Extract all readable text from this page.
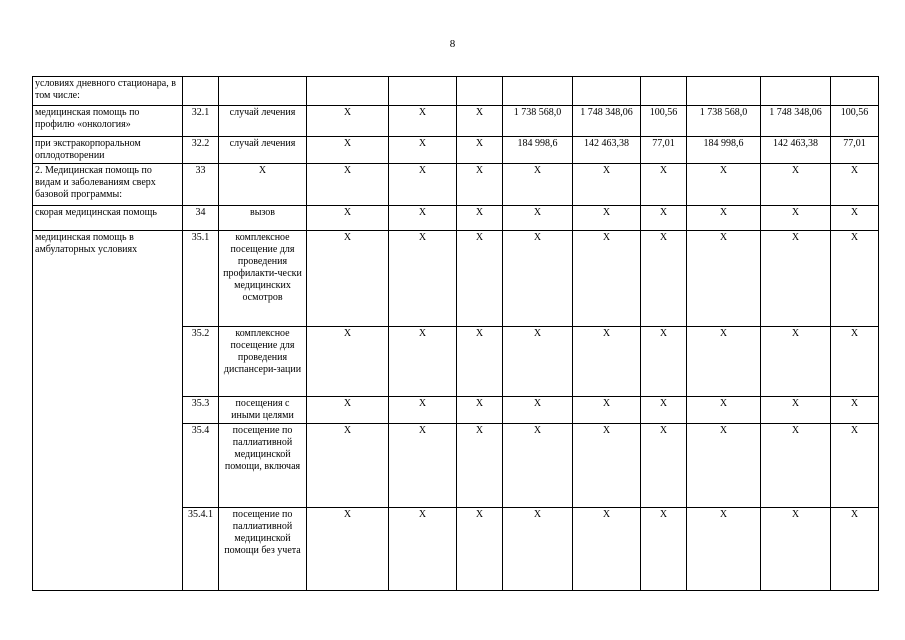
8
условиях дневного стационара, в том числе:											
медицинская помощь по профилю «онкология»	32.1	случай лечения	Х	Х	Х	1 738 568,0	1 748 348,06	100,56	1 738 568,0	1 748 348,06	100,56
при экстракорпоральном оплодотворении	32.2	случай лечения	Х	Х	Х	184 998,6	142 463,38	77,01	184 998,6	142 463,38	77,01
2. Медицинская помощь по видам и заболеваниям сверх базовой программы:	33	Х	Х	Х	Х	Х	Х	Х	Х	Х	Х
скорая медицинская помощь	34	вызов	Х	Х	Х	Х	Х	Х	Х	Х	Х
медицинская помощь в амбулаторных условиях	35.1	комплексное посещение для проведения профилакти-чески медицинских осмотров	Х	Х	Х	Х	Х	Х	Х	Х	Х
	35.2	комплексное посещение для проведения диспансери-зации	Х	Х	Х	Х	Х	Х	Х	Х	Х
	35.3	посещения с иными целями	Х	Х	Х	Х	Х	Х	Х	Х	Х
	35.4	посещение по паллиативной медицинской помощи, включая	Х	Х	Х	Х	Х	Х	Х	Х	Х
	35.4.1	посещение по паллиативной медицинской помощи без учета	Х	Х	Х	Х	Х	Х	Х	Х	Х
